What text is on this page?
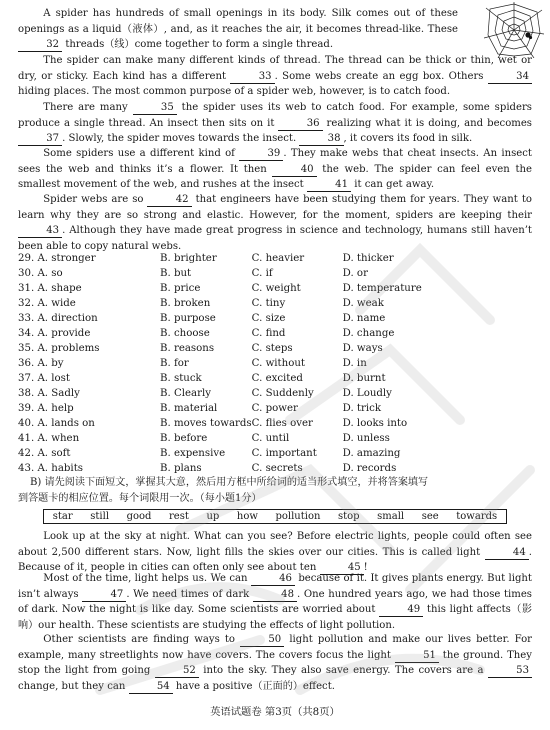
A spider has hundreds of small openings in its body. Silk comes out of these openings as a liquid（液体）, and, as it reaches the air, it becomes thread-like. These 32 threads（线）come together to form a single thread.

The spider can make many different kinds of thread. The thread can be thick or thin, wet or dry, or sticky. Each kind has a different	33 . Some webs create an egg box. Others	34 hiding places. The most common purpose of a spider web, however, is to catch food.

There are many	35 the spider uses its web to catch food. For example, some spiders produce a single thread. An insect then sits on it	36 realizing what it is doing, and becomes 37 . Slowly, the spider moves towards the insect.	38 , it covers its food in silk.

Some spiders use a different kind of	39 . They make webs that cheat insects. An insect sees the web and thinks it’s a flower. It then	40 the web. The spider can feel even the smallest movement of the web, and rushes at the insect	41 it can get away.

Spider webs are so	42 that engineers have been studying them for years. They want to learn why they are so strong and elastic. However, for the moment, spiders are keeping their 43 . Although they have made great progress in science and technology, humans still haven’t been able to copy natural webs.

29. A. stronger	B. brighter	C. heavier	D. thicker
30. A. so	B. but	C. if	D. or
31. A. shape	B. price	C. weight	D. temperature
32. A. wide	B. broken	C. tiny	D. weak
33. A. direction	B. purpose	C. size	D. name
34. A. provide	B. choose	C. find	D. change
35. A. problems	B. reasons	C. steps	D. ways
36. A. by	B. for	C. without	D. in
37. A. lost	B. stuck	C. excited	D. burnt
38. A. Sadly	B. Clearly	C. Suddenly	D. Loudly
39. A. help	B. material	C. power	D. trick
40. A. lands on	B. moves towards	C. flies over	D. looks into
41. A. when	B. before	C. until	D. unless
42. A. soft	B. expensive	C. important	D. amazing
43. A. habits	B. plans	C. secrets	D. records
B) 请先阅读下面短文，掌握其大意，然后用方框中所给词的适当形式填空，并将答案填写
到答题卡的相应位置。每个词限用一次。（每小题1分）
star still good rest up how pollution stop small see towards

Look up at the sky at night. What can you see? Before electric lights, people could often see about 2,500 different stars. Now, light fills the skies over our cities. This is called light	44 . Because of it, people in cities can often only see about ten	45 !

Most of the time, light helps us. We can	46 because of it. It gives plants energy. But light isn’t always	47 . We need times of dark	48 . One hundred years ago, we had those times of dark. Now the night is like day. Some scientists are worried about	49 this light affects（影响）our health. These scientists are studying the effects of light pollution.

Other scientists are finding ways to	50 light pollution and make our lives better. For example, many streetlights now have covers. The covers focus the light	51 the ground. They stop the light from going	52 into the sky. They also save energy. The covers are a	53 change, but they can	54 have a positive（正面的）effect.

英语试题卷 第3页（共8页）
